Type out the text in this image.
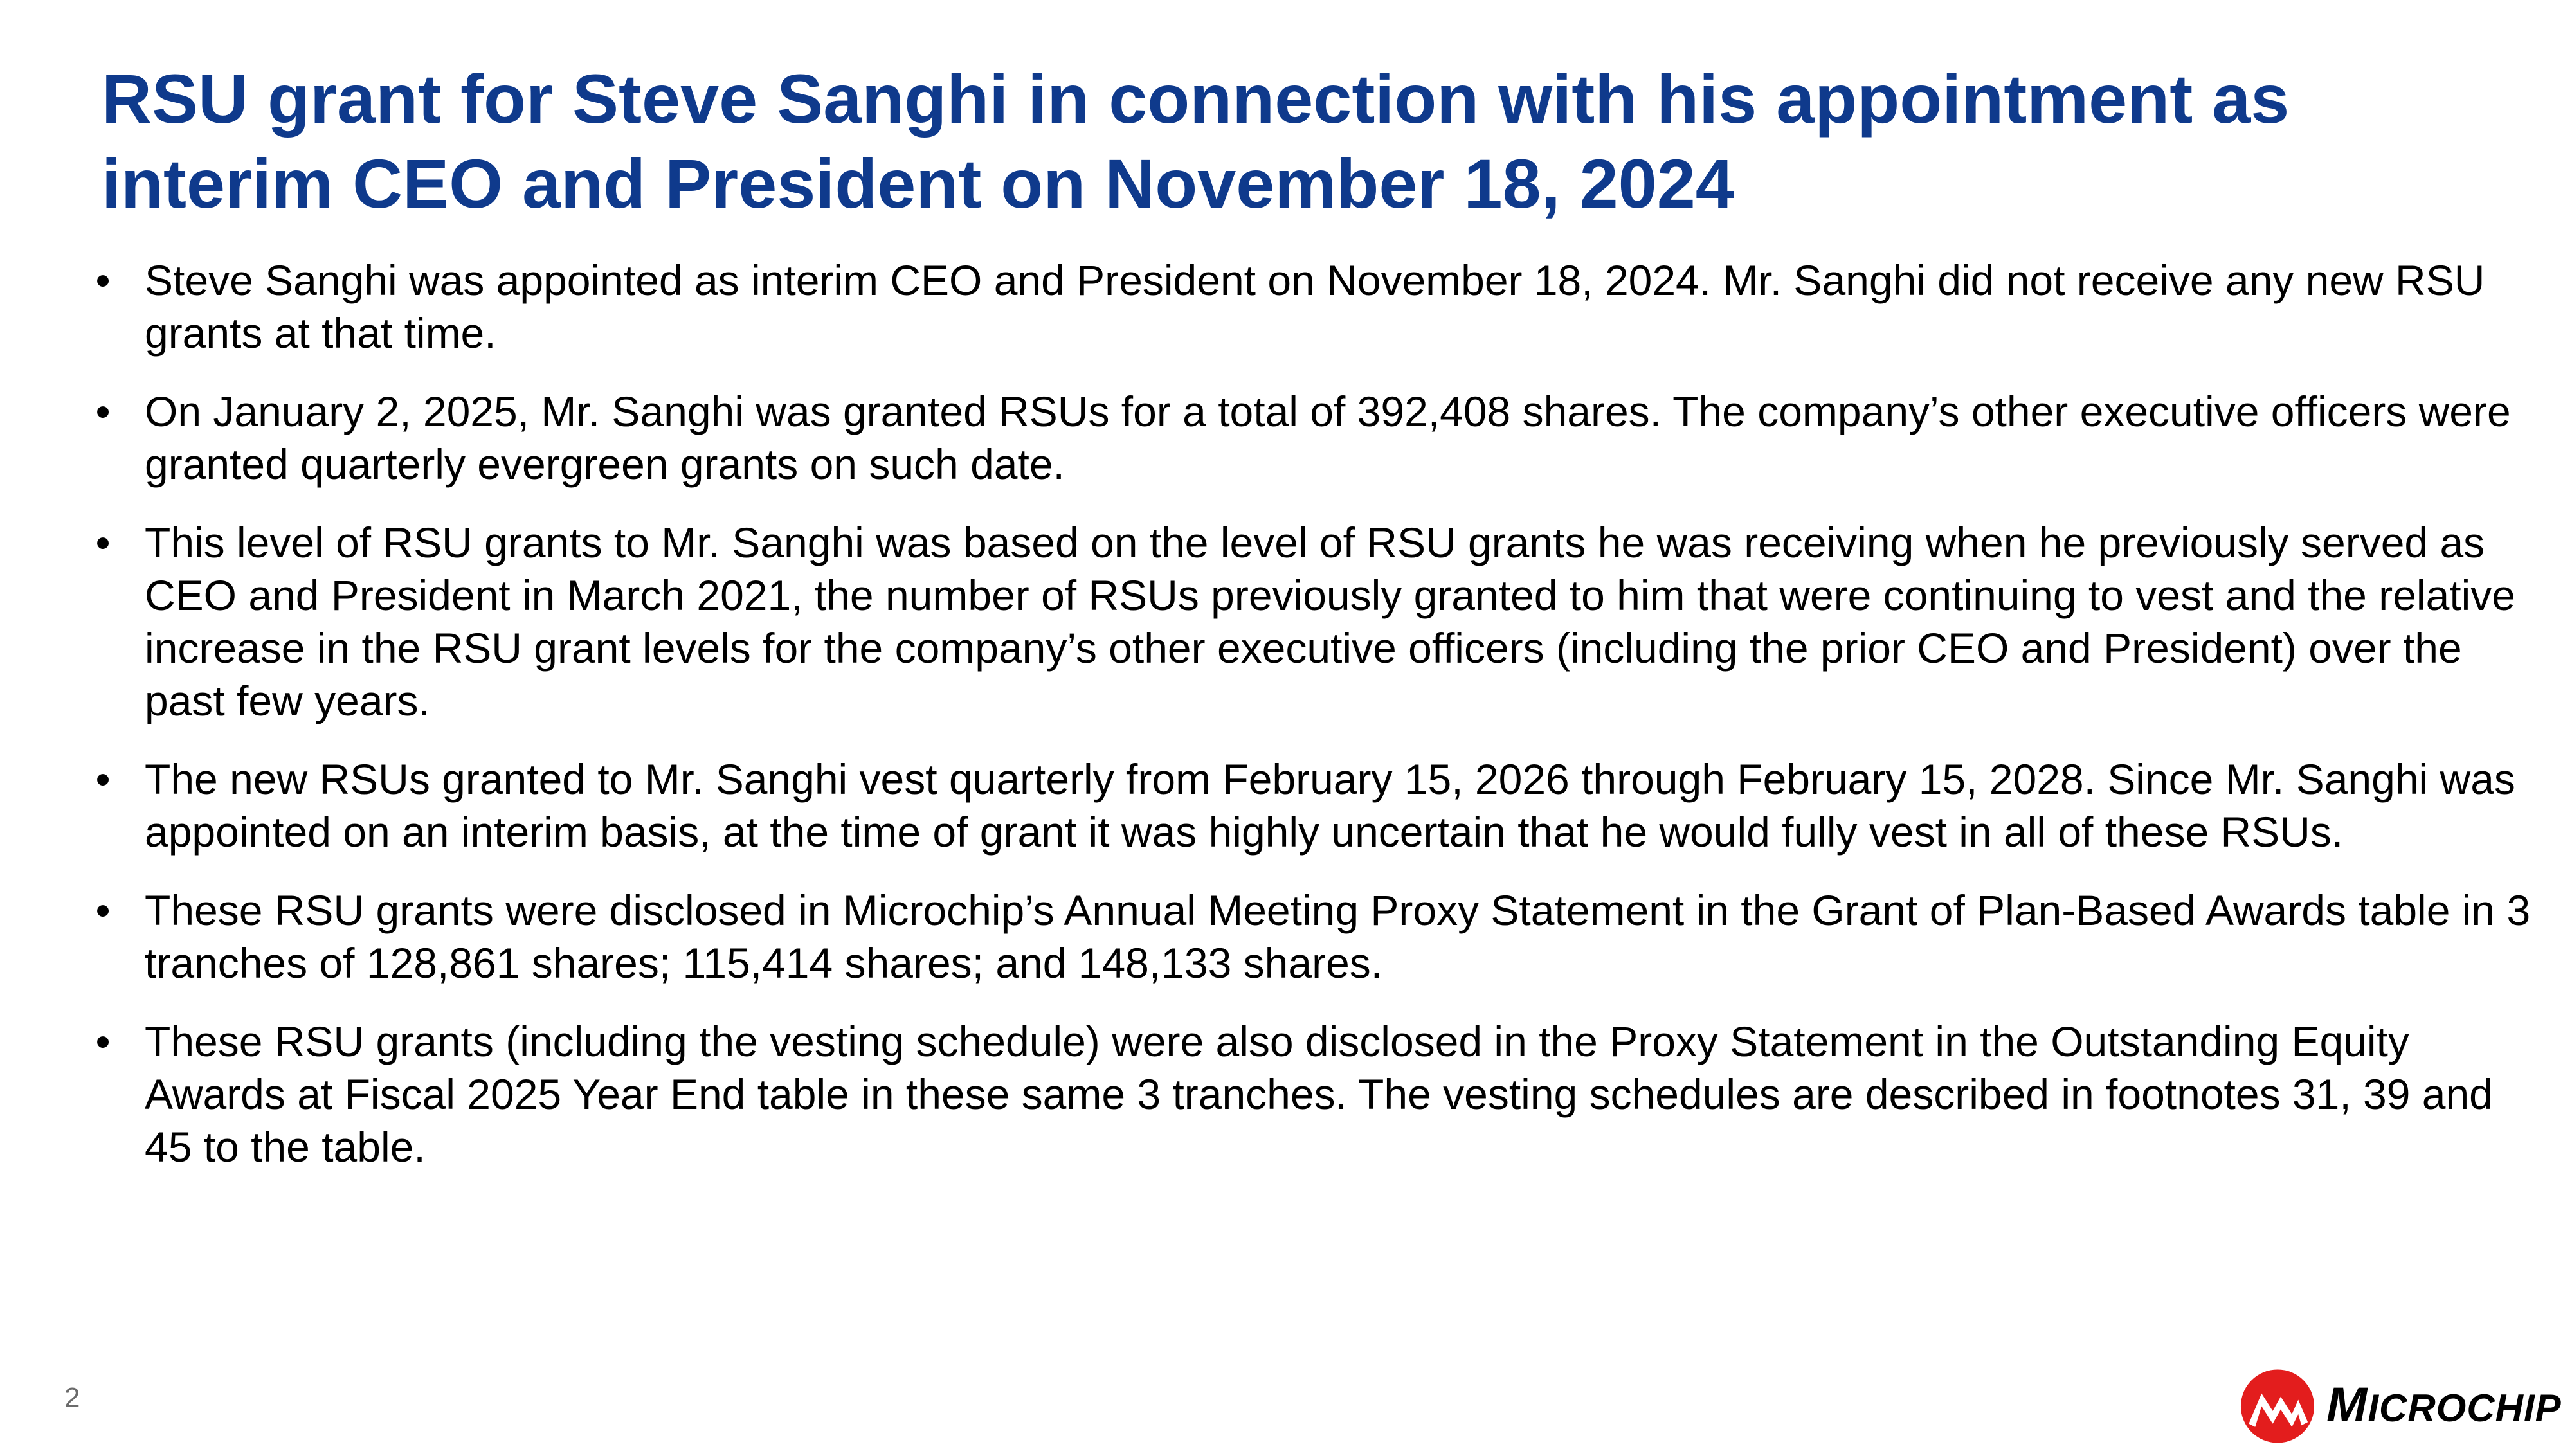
RSU grant for Steve Sanghi in connection with his appointment as interim CEO and President on November 18, 2024
• Steve Sanghi was appointed as interim CEO and President on November 18, 2024. Mr. Sanghi did not receive any new RSU grants at that time.
• On January 2, 2025, Mr. Sanghi was granted RSUs for a total of 392,408 shares. The company’s other executive officers were granted quarterly evergreen grants on such date.
• This level of RSU grants to Mr. Sanghi was based on the level of RSU grants he was receiving when he previously served as CEO and President in March 2021, the number of RSUs previously granted to him that were continuing to vest and the relative increase in the RSU grant levels for the company’s other executive officers (including the prior CEO and President) over the past few years.
• The new RSUs granted to Mr. Sanghi vest quarterly from February 15, 2026 through February 15, 2028. Since Mr. Sanghi was appointed on an interim basis, at the time of grant it was highly uncertain that he would fully vest in all of these RSUs.
• These RSU grants were disclosed in Microchip’s Annual Meeting Proxy Statement in the Grant of Plan-Based Awards table in 3 tranches of 128,861 shares; 115,414 shares; and 148,133 shares.
• These RSU grants (including the vesting schedule) were also disclosed in the Proxy Statement in the Outstanding Equity Awards at Fiscal 2025 Year End table in these same 3 tranches. The vesting schedules are described in footnotes 31, 39 and 45 to the table.
2	MICROCHIP
